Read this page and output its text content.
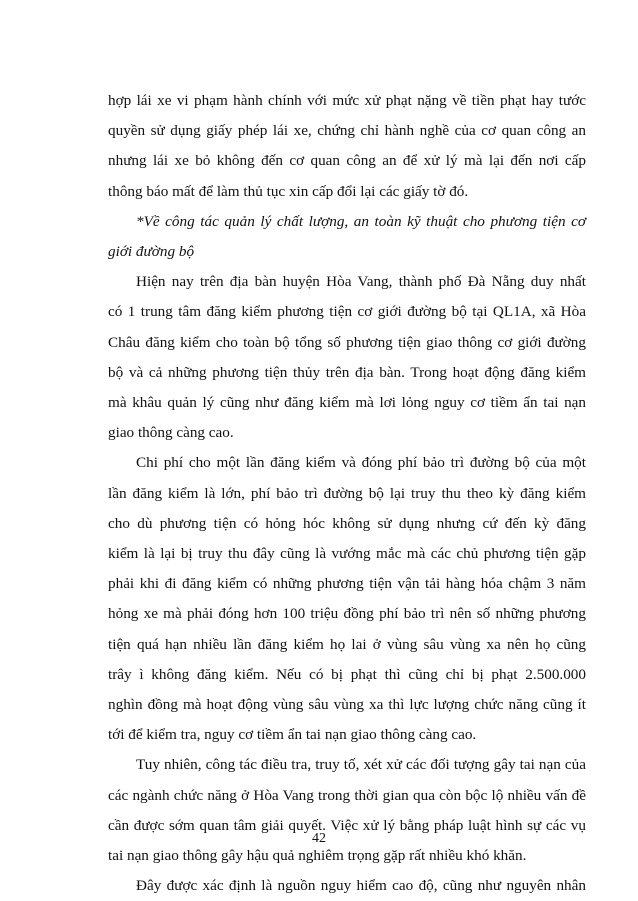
hợp lái xe vi phạm hành chính với mức xử phạt nặng về tiền phạt hay tước
quyền sử dụng giấy phép lái xe, chứng chỉ hành nghề của cơ quan công an
nhưng lái xe bỏ không đến cơ quan công an để xử lý mà lại đến nơi cấp
thông báo mất để làm thủ tục xin cấp đổi lại các giấy tờ đó.
*Về công tác quản lý chất lượng, an toàn kỹ thuật cho phương tiện cơ
giới đường bộ
Hiện nay trên địa bàn huyện Hòa Vang, thành phố Đà Nẵng duy nhất
có 1 trung tâm đăng kiểm phương tiện cơ giới đường bộ tại QL1A, xã Hòa
Châu đăng kiểm cho toàn bộ tổng số phương tiện giao thông cơ giới đường
bộ và cả những phương tiện thủy trên địa bàn. Trong hoạt động đăng kiểm
mà khâu quản lý cũng như đăng kiểm mà lơi lỏng nguy cơ tiềm ẩn tai nạn
giao thông càng cao.
Chi phí cho một lần đăng kiểm và đóng phí bảo trì đường bộ của một
lần đăng kiểm là lớn, phí bảo trì đường bộ lại truy thu theo kỳ đăng kiểm
cho dù phương tiện có hỏng hóc không sử dụng nhưng cứ đến kỳ đăng
kiểm là lại bị truy thu đây cũng là vướng mắc mà các chủ phương tiện gặp
phải khi đi đăng kiểm có những phương tiện vận tải hàng hóa chậm 3 năm
hỏng xe mà phải đóng hơn 100 triệu đồng phí bảo trì nên số những phương
tiện quá hạn nhiều lần đăng kiểm họ lai ở vùng sâu vùng xa nên họ cũng
trây ì không đăng kiểm. Nếu có bị phạt thì cũng chỉ bị phạt 2.500.000
nghìn đồng mà hoạt động vùng sâu vùng xa thì lực lượng chức năng cũng ít
tới để kiểm tra, nguy cơ tiềm ẩn tai nạn giao thông càng cao.
Tuy nhiên, công tác điều tra, truy tố, xét xử các đối tượng gây tai nạn của
các ngành chức năng ở Hòa Vang trong thời gian qua còn bộc lộ nhiều vấn đề
cần được sớm quan tâm giải quyết. Việc xử lý bằng pháp luật hình sự các vụ
tai nạn giao thông gây hậu quả nghiêm trọng gặp rất nhiều khó khăn.
Đây được xác định là nguồn nguy hiểm cao độ, cũng như nguyên nhân
42
